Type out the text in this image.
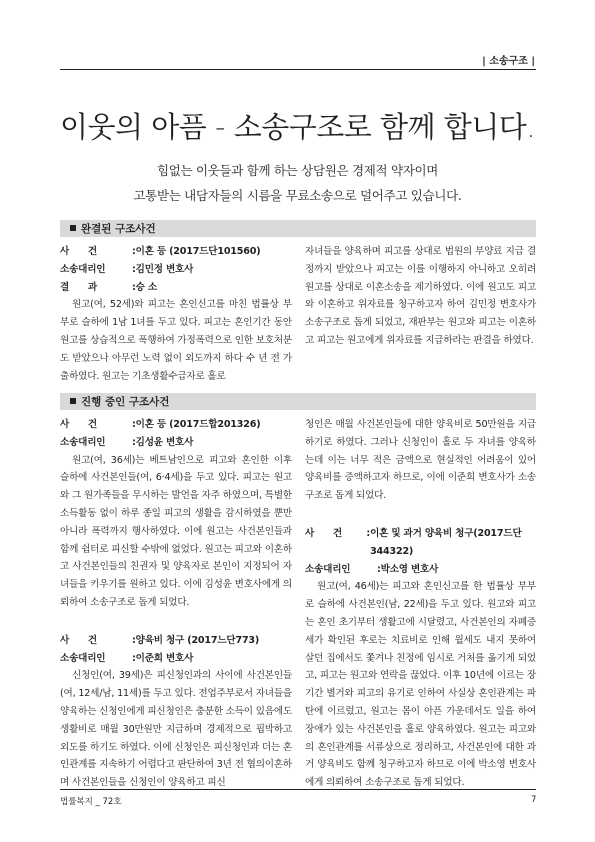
| 소송구조 |
이웃의 아픔 - 소송구조로 함께 합니다.
힘없는 이웃들과 함께 하는 상담원은 경제적 약자이며
고통받는 내담자들의 시름을 무료소송으로 덜어주고 있습니다.
완결된 구조사건
사      건	: 이혼 등 (2017드단101560)
소송대리인	: 김민정 변호사
결      과	: 승 소

원고(여, 52세)와 피고는 혼인신고를 마친 법률상 부부로 슬하에 1남 1녀를 두고 있다. 피고는 혼인기간 동안 원고를 상습적으로 폭행하여 가정폭력으로 인한 보호처분도 받았으나 아무런 노력 없이 외도까지 하다 수 년 전 가출하였다. 원고는 기초생활수급자로 홀로

자녀들을 양육하며 피고를 상대로 법원의 부양료 지급 결정까지 받았으나 피고는 이를 이행하지 아니하고 오히려 원고를 상대로 이혼소송을 제기하였다. 이에 원고도 피고와 이혼하고 위자료를 청구하고자 하여 김민정 변호사가 소송구조로 돕게 되었고, 재판부는 원고와 피고는 이혼하고 피고는 원고에게 위자료를 지급하라는 판결을 하였다.

진행 중인 구조사건
사      건	: 이혼 등 (2017드합201326)
소송대리인	: 김성윤 변호사

원고(여, 36세)는 베트남인으로 피고와 혼인한 이후 슬하에 사건본인들(여, 6·4세)을 두고 있다. 피고는 원고와 그 원가족들을 무시하는 발언을 자주 하였으며, 특별한 소득활동 없이 하루 종일 피고의 생활을 감시하였을 뿐만 아니라 폭력까지 행사하였다. 이에 원고는 사건본인들과 함께 쉼터로 피신할 수밖에 없었다. 원고는 피고와 이혼하고 사건본인들의 친권자 및 양육자로 본인이 지정되어 자녀들을 키우기를 원하고 있다. 이에 김성윤 변호사에게 의뢰하여 소송구조로 돕게 되었다.

사      건	: 양육비 청구 (2017느단773)
소송대리인	: 이준희 변호사

신청인(여, 39세)은 피신청인과의 사이에 사건본인들(여, 12세/남, 11세)를 두고 있다. 전업주부로서 자녀들을 양육하는 신청인에게 피신청인은 충분한 소득이 있음에도 생활비로 매월 30만원만 지급하며 경제적으로 핍박하고 외도를 하기도 하였다. 이에 신청인은 피신청인과 더는 혼인관계를 지속하기 어렵다고 판단하여 3년 전 협의이혼하며 사건본인들을 신청인이 양육하고 피신

청인은 매월 사건본인들에 대한 양육비로 50만원을 지급하기로 하였다. 그러나 신청인이 홀로 두 자녀를 양육하는데 이는 너무 적은 금액으로 현실적인 어려움이 있어 양육비를 증액하고자 하므로, 이에 이준희 변호사가 소송구조로 돕게 되었다.

사      건	: 이혼 및 과거 양육비 청구(2017드단344322)
소송대리인	: 박소영 변호사

원고(여, 46세)는 피고와 혼인신고를 한 법률상 부부로 슬하에 사건본인(남, 22세)을 두고 있다. 원고와 피고는 혼인 초기부터 생활고에 시달렸고, 사건본인의 자폐증세가 확인된 후로는 치료비로 인해 월세도 내지 못하여 살던 집에서도 쫓겨나 친정에 임시로 거처를 옮기게 되었고, 피고는 원고와 연락을 끊었다. 이후 10년에 이르는 장기간 별거와 피고의 유기로 인하여 사실상 혼인관계는 파탄에 이르렀고, 원고는 몸이 아픈 가운데서도 일을 하여 장애가 있는 사건본인을 홀로 양육하였다. 원고는 피고와의 혼인관계를 서류상으로 정리하고, 사건본인에 대한 과거 양육비도 함께 청구하고자 하므로 이에 박소영 변호사에게 의뢰하여 소송구조로 돕게 되었다.

법률복지 _ 72호	7
